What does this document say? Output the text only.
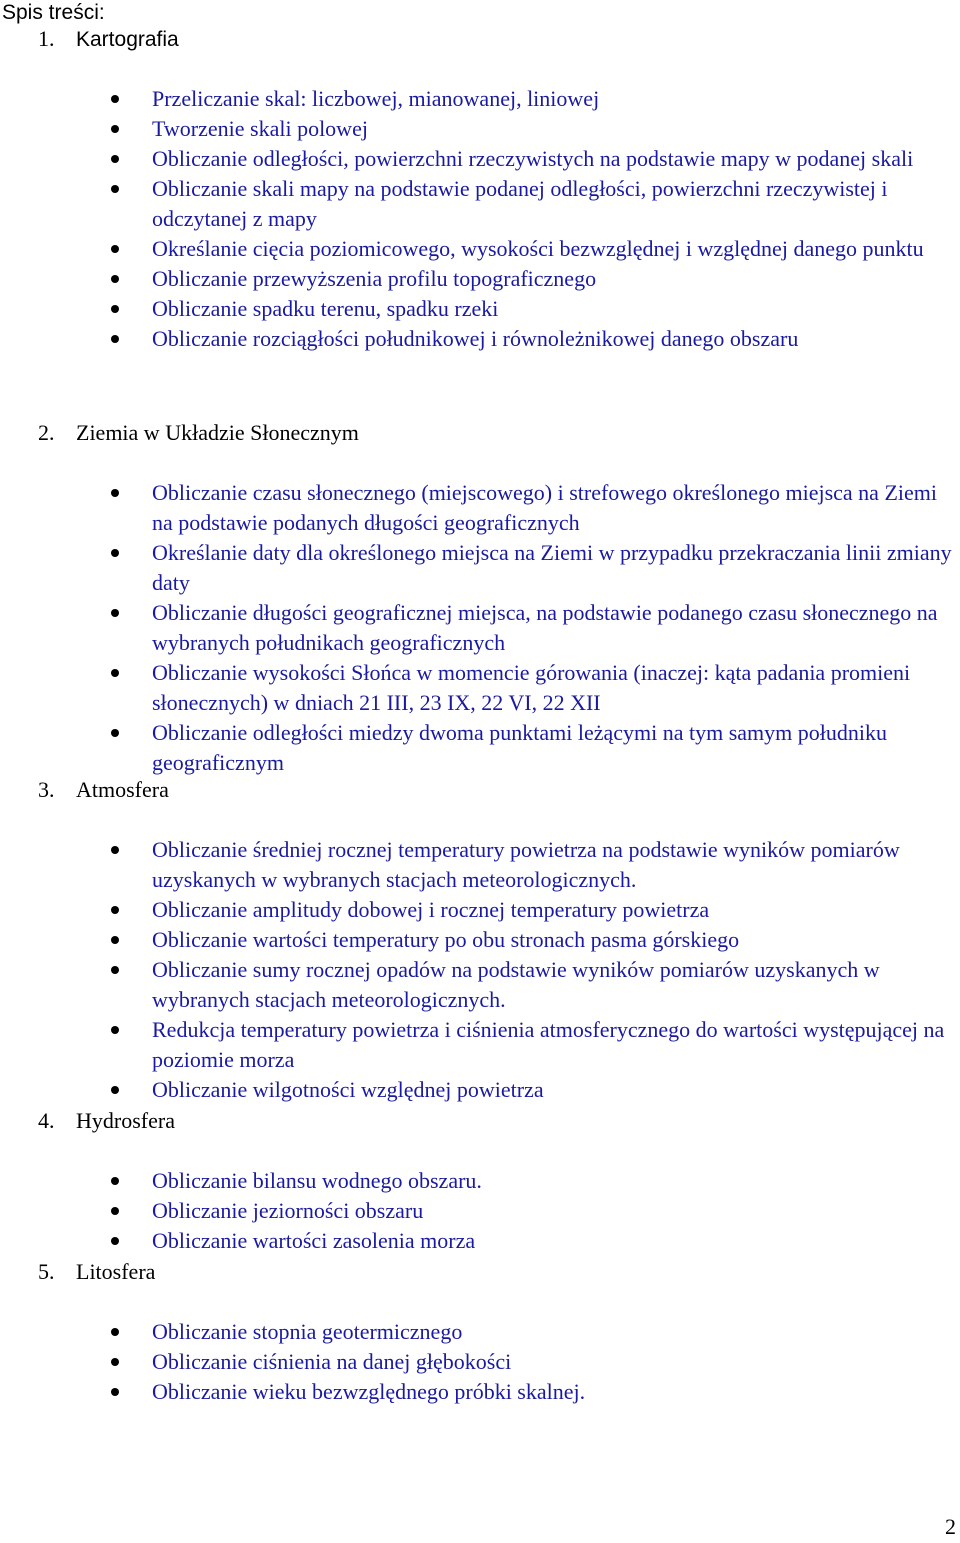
Spis treści:
1. Kartografia
Przeliczanie skal: liczbowej, mianowanej, liniowej
Tworzenie skali polowej
Obliczanie odległości, powierzchni rzeczywistych na podstawie mapy w podanej skali
Obliczanie skali mapy na podstawie podanej odległości, powierzchni rzeczywistej i odczytanej z mapy
Określanie cięcia poziomicowego, wysokości bezwzględnej i względnej danego punktu
Obliczanie przewyższenia profilu topograficznego
Obliczanie spadku terenu, spadku rzeki
Obliczanie rozciągłości południkowej i równoleżnikowej danego obszaru
2. Ziemia w Układzie Słonecznym
Obliczanie czasu słonecznego (miejscowego) i strefowego określonego miejsca na Ziemi na podstawie podanych długości geograficznych
Określanie daty dla określonego miejsca na Ziemi w przypadku przekraczania linii zmiany daty
Obliczanie długości geograficznej miejsca, na podstawie podanego czasu słonecznego na wybranych południkach geograficznych
Obliczanie wysokości Słońca w momencie górowania (inaczej: kąta padania promieni słonecznych) w dniach 21 III, 23 IX, 22 VI, 22 XII
Obliczanie odległości miedzy dwoma punktami leżącymi na tym samym południku geograficznym
3. Atmosfera
Obliczanie średniej rocznej temperatury powietrza na podstawie wyników pomiarów uzyskanych w wybranych stacjach meteorologicznych.
Obliczanie amplitudy dobowej i rocznej temperatury powietrza
Obliczanie wartości temperatury po obu stronach pasma górskiego
Obliczanie sumy rocznej opadów na podstawie wyników pomiarów uzyskanych w wybranych stacjach meteorologicznych.
Redukcja temperatury powietrza i ciśnienia atmosferycznego do wartości występującej na poziomie morza
Obliczanie wilgotności względnej powietrza
4. Hydrosfera
Obliczanie bilansu wodnego obszaru.
Obliczanie jeziorności obszaru
Obliczanie wartości zasolenia morza
5. Litosfera
Obliczanie stopnia geotermicznego
Obliczanie ciśnienia na danej głębokości
Obliczanie wieku bezwzględnego próbki skalnej.
2
